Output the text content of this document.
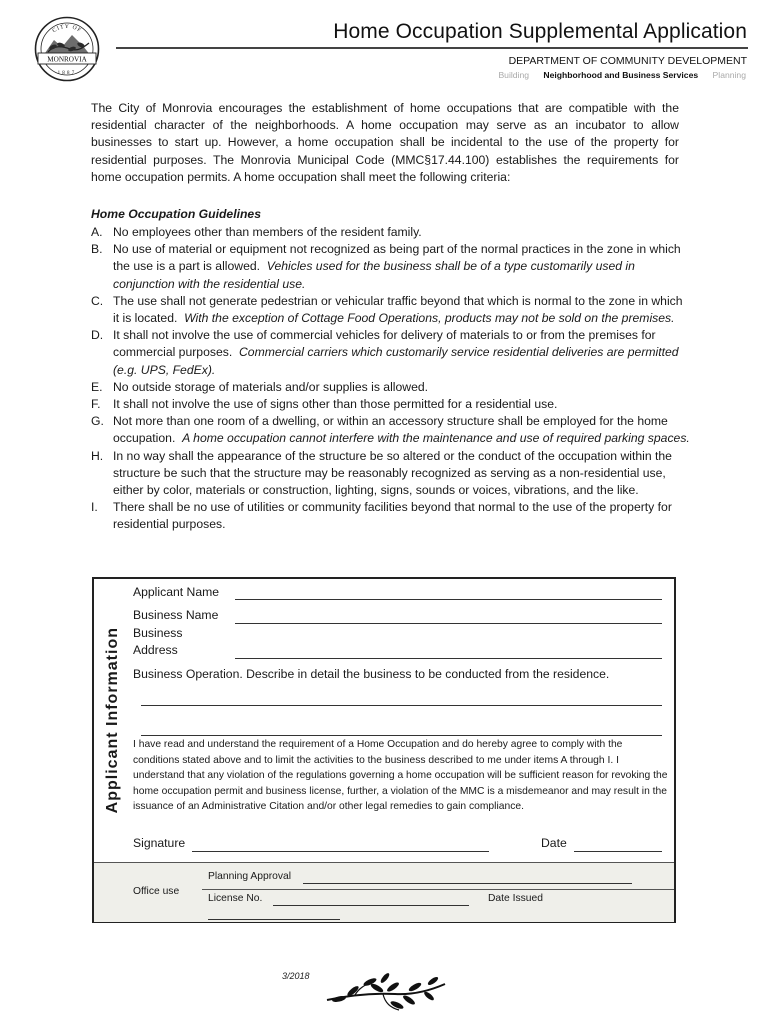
CITY OF
MONROVIA
1887
Home Occupation Supplemental Application
DEPARTMENT OF COMMUNITY DEVELOPMENT
Building Neighborhood and Business Services Planning

The City of Monrovia encourages the establishment of home occupations that are compatible with the residential character of the neighborhoods. A home occupation may serve as an incubator to allow businesses to start up. However, a home occupation shall be incidental to the use of the property for residential purposes. The Monrovia Municipal Code (MMC§17.44.100) establishes the requirements for home occupation permits. A home occupation shall meet the following criteria:

Home Occupation Guidelines
A. No employees other than members of the resident family.
B. No use of material or equipment not recognized as being part of the normal practices in the zone in which the use is a part is allowed. Vehicles used for the business shall be of a type customarily used in conjunction with the residential use.
C. The use shall not generate pedestrian or vehicular traffic beyond that which is normal to the zone in which it is located. With the exception of Cottage Food Operations, products may not be sold on the premises.
D. It shall not involve the use of commercial vehicles for delivery of materials to or from the premises for commercial purposes. Commercial carriers which customarily service residential deliveries are permitted (e.g. UPS, FedEx).
E. No outside storage of materials and/or supplies is allowed.
F. It shall not involve the use of signs other than those permitted for a residential use.
G. Not more than one room of a dwelling, or within an accessory structure shall be employed for the home occupation. A home occupation cannot interfere with the maintenance and use of required parking spaces.
H. In no way shall the appearance of the structure be so altered or the conduct of the occupation within the structure be such that the structure may be reasonably recognized as serving as a non-residential use, either by color, materials or construction, lighting, signs, sounds or voices, vibrations, and the like.
I. There shall be no use of utilities or community facilities beyond that normal to the use of the property for residential purposes.
Applicant Information
Applicant Name
Business Name
Business
Address
Business Operation. Describe in detail the business to be conducted from the residence.

I have read and understand the requirement of a Home Occupation and do hereby agree to comply with the conditions stated above and to limit the activities to the business described to me under items A through I. I understand that any violation of the regulations governing a home occupation will be sufficient reason for revoking the home occupation permit and business license, further, a violation of the MMC is a misdemeanor and may result in the issuance of an Administrative Citation and/or other legal remedies to gain compliance.

Signature	Date
Office use
Planning Approval
License No.	Date Issued
3/2018
